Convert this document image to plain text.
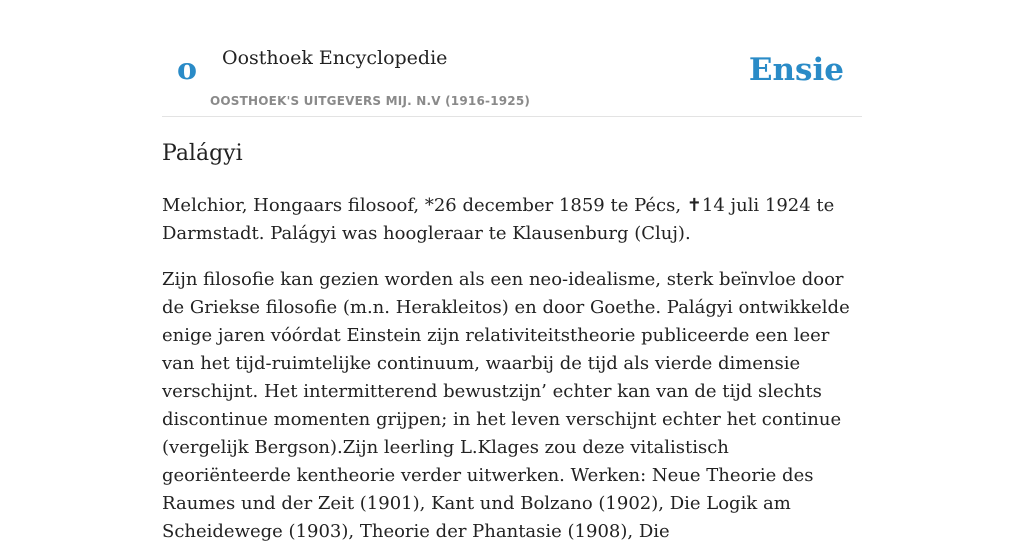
o Oosthoek Encyclopedie
OOSTHOEK'S UITGEVERS MIJ. N.V (1916-1925)
Ensie
Palágyi

Melchior, Hongaars filosoof, *26 december 1859 te Pécs, ✝14 juli 1924 te Darmstadt. Palágyi was hoogleraar te Klausenburg (Cluj).

Zijn filosofie kan gezien worden als een neo-idealisme, sterk beïnvloe door de Griekse filosofie (m.n. Herakleitos) en door Goethe. Palágyi ontwikkelde enige jaren vóórdat Einstein zijn relativiteitstheorie publiceerde een leer van het tijd-ruimtelijke continuum, waarbij de tijd als vierde dimensie verschijnt. Het intermitterend bewustzijn’ echter kan van de tijd slechts discontinue momenten grijpen; in het leven verschijnt echter het continue (vergelijk Bergson).Zijn leerling L.Klages zou deze vitalistisch georiënteerde kentheorie verder uitwerken. Werken: Neue Theorie des Raumes und der Zeit (1901), Kant und Bolzano (1902), Die Logik am Scheidewege (1903), Theorie der Phantasie (1908), Die
